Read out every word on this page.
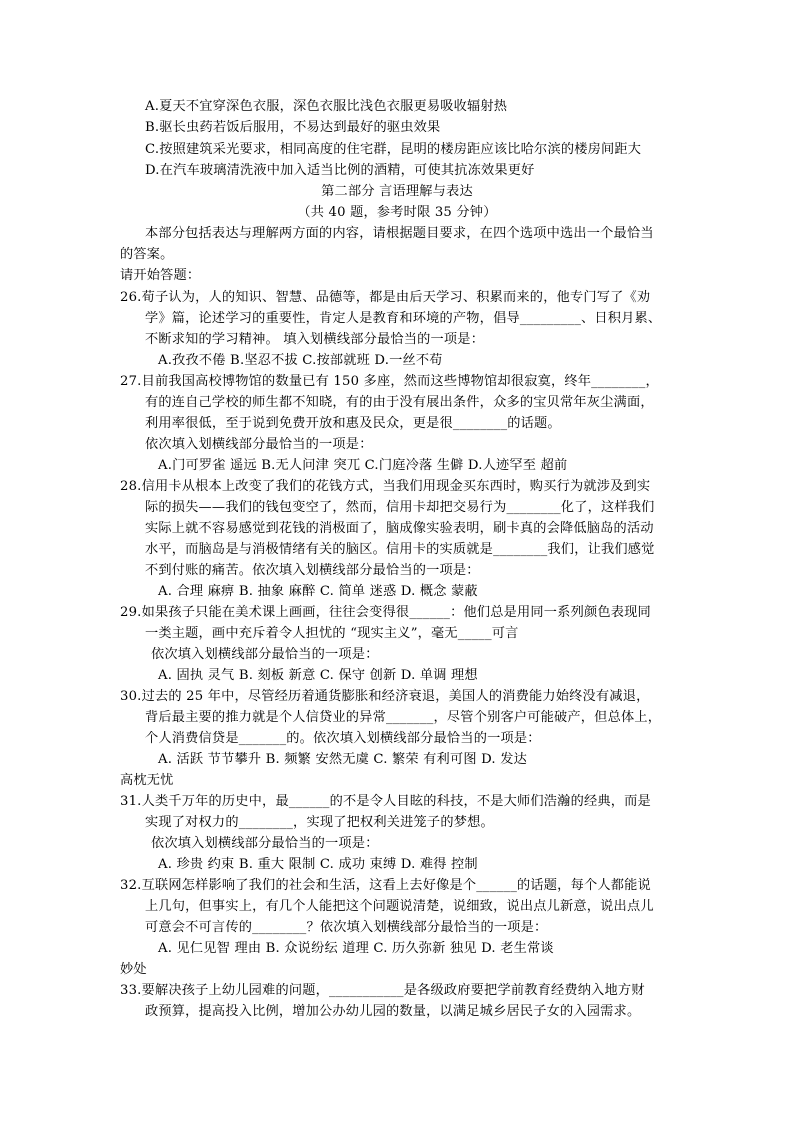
A.夏天不宜穿深色衣服，深色衣服比浅色衣服更易吸收辐射热
B.驱长虫药若饭后服用，不易达到最好的驱虫效果
C.按照建筑采光要求，相同高度的住宅群，昆明的楼房距应该比哈尔滨的楼房间距大
D.在汽车玻璃清洗液中加入适当比例的酒精，可使其抗冻效果更好
第二部分 言语理解与表达
（共 40 题，参考时限 35 分钟）
本部分包括表达与理解两方面的内容，请根据题目要求，在四个选项中选出一个最恰当
的答案。
请开始答题：
26.荀子认为，人的知识、智慧、品德等，都是由后天学习、积累而来的，他专门写了《劝
学》篇，论述学习的重要性，肯定人是教育和环境的产物，倡导_________、日积月累、
不断求知的学习精神。 填入划横线部分最恰当的一项是：
A.孜孜不倦 B.坚忍不拔 C.按部就班 D.一丝不苟
27.目前我国高校博物馆的数量已有 150 多座，然而这些博物馆却很寂寞，终年________，
有的连自己学校的师生都不知晓，有的由于没有展出条件，众多的宝贝常年灰尘满面，
利用率很低，至于说到免费开放和惠及民众，更是很________的话题。
依次填入划横线部分最恰当的一项是：
A.门可罗雀 遥远 B.无人问津 突兀 C.门庭冷落 生僻 D.人迹罕至 超前
28.信用卡从根本上改变了我们的花钱方式，当我们用现金买东西时，购买行为就涉及到实
际的损失——我们的钱包变空了，然而，信用卡却把交易行为________化了，这样我们
实际上就不容易感觉到花钱的消极面了，脑成像实验表明，刷卡真的会降低脑岛的活动
水平，而脑岛是与消极情绪有关的脑区。信用卡的实质就是________我们，让我们感觉
不到付账的痛苦。依次填入划横线部分最恰当的一项是：
A. 合理 麻痹 B. 抽象 麻醉 C. 简单 迷惑 D. 概念 蒙蔽
29.如果孩子只能在美术课上画画，往往会变得很______：他们总是用同一系列颜色表现同
一类主题，画中充斥着令人担忧的 “现实主义”，毫无_____可言
依次填入划横线部分最恰当的一项是：
A. 固执 灵气 B. 刻板 新意 C. 保守 创新 D. 单调 理想
30.过去的 25 年中，尽管经历着通货膨胀和经济衰退，美国人的消费能力始终没有减退，
背后最主要的推力就是个人信贷业的异常_______，尽管个别客户可能破产，但总体上，
个人消费信贷是_______的。依次填入划横线部分最恰当的一项是：
A. 活跃 节节攀升 B. 频繁 安然无虞 C. 繁荣 有利可图 D. 发达
高枕无忧
31.人类千万年的历史中，最______的不是令人目眩的科技，不是大师们浩瀚的经典，而是
实现了对权力的________，实现了把权利关进笼子的梦想。
依次填入划横线部分最恰当的一项是：
A. 珍贵 约束 B. 重大 限制 C. 成功 束缚 D. 难得 控制
32.互联网怎样影响了我们的社会和生活，这看上去好像是个______的话题，每个人都能说
上几句，但事实上，有几个人能把这个问题说清楚，说细致，说出点儿新意，说出点儿
可意会不可言传的________？依次填入划横线部分最恰当的一项是：
A. 见仁见智 理由 B. 众说纷纭 道理 C. 历久弥新 独见 D. 老生常谈
妙处
33.要解决孩子上幼儿园难的问题，___________是各级政府要把学前教育经费纳入地方财
政预算，提高投入比例，增加公办幼儿园的数量，以满足城乡居民子女的入园需求。
